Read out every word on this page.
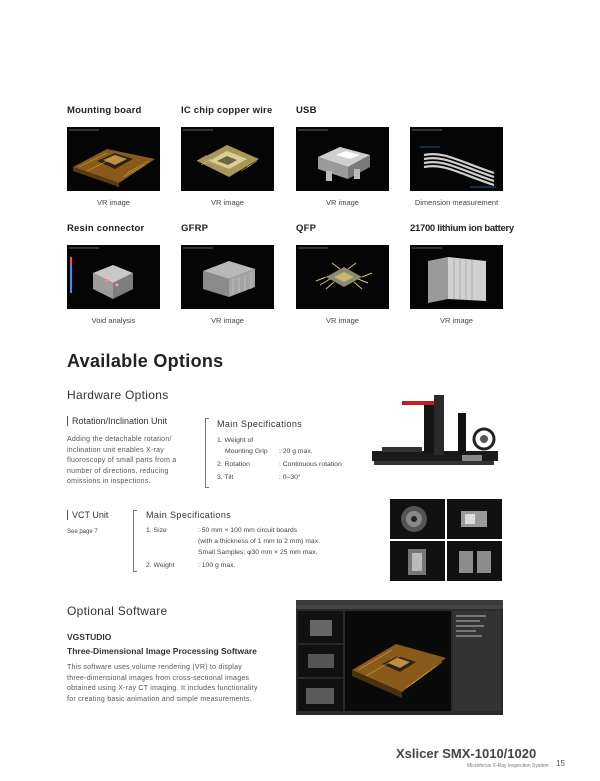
Mounting board	IC chip copper wire USB
VR image	VR image	VR image	Dimension measurement
Resin connector	GFRP	QFP	21700 lithium ion battery
Void analysis	VR image	VR image	VR image
Available Options
Hardware Options
Rotation/Inclination Unit
Adding the detachable rotation/
inclination unit enables X-ray
fluoroscopy of small parts from a
number of directions, reducing
omissions in inspections.
Main Specifications
1. Weight of
Mounting Grip : 20 g max.
2. Rotation	: Continuous rotation
3. Tilt	: 0–30°
VCT Unit
See page 7
Main Specifications
1. Size	: 50 mm × 100 mm circuit boards
(with a thickness of 1 mm to 2 mm) max.

Small Samples: φ30 mm × 25 mm max.

2. Weight	: 100 g max.
Optional Software
VGSTUDIO
Three-Dimensional Image Processing Software
This software uses volume rendering (VR) to display
three-dimensional images from cross-sectional images
obtained using X-ray CT imaging. It includes functionality
for creating basic animation and simple measurements.
Xslicer SMX-1010/1020
Microfocus X-Ray Inspection System 15
